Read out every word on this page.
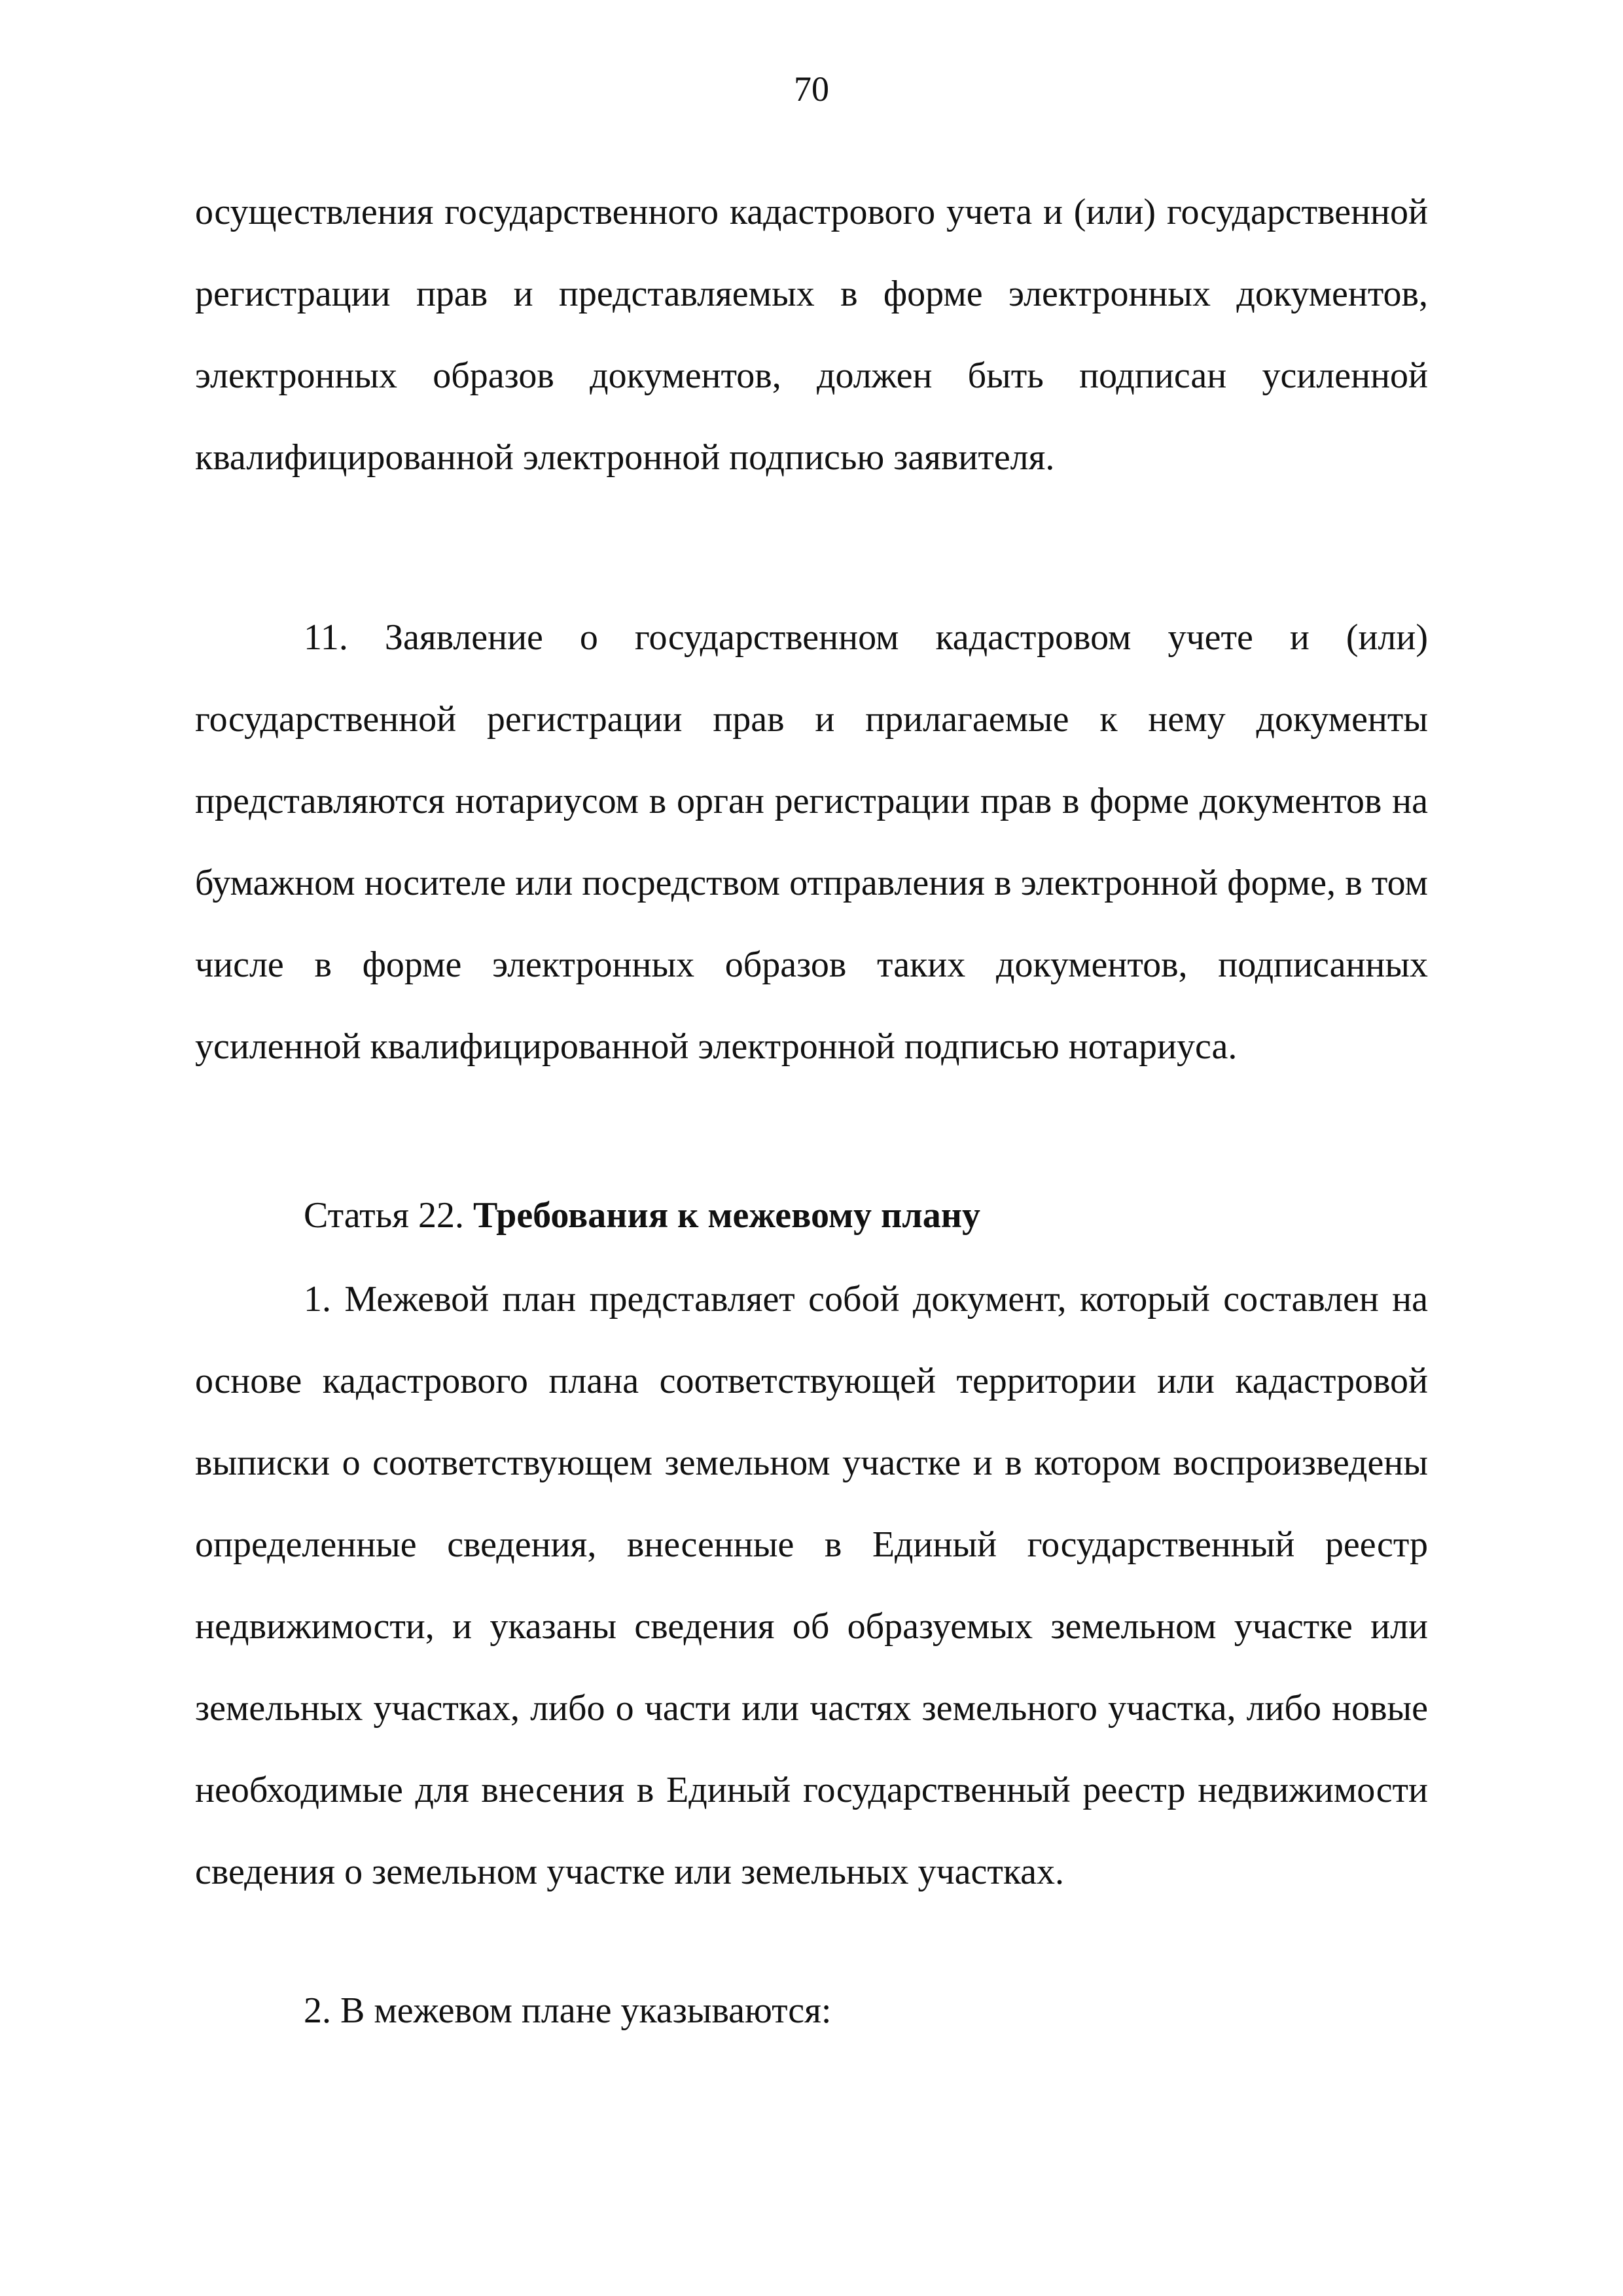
70

осуществления государственного кадастрового учета и (или) государственной регистрации прав и представляемых в форме электронных документов, электронных образов документов, должен быть подписан усиленной квалифицированной электронной подписью заявителя.

11. Заявление о государственном кадастровом учете и (или) государственной регистрации прав и прилагаемые к нему документы представляются нотариусом в орган регистрации прав в форме документов на бумажном носителе или посредством отправления в электронной форме, в том числе в форме электронных образов таких документов, подписанных усиленной квалифицированной электронной подписью нотариуса.

Статья 22. Требования к межевому плану

1. Межевой план представляет собой документ, который составлен на основе кадастрового плана соответствующей территории или кадастровой выписки о соответствующем земельном участке и в котором воспроизведены определенные сведения, внесенные в Единый государственный реестр недвижимости, и указаны сведения об образуемых земельном участке или земельных участках, либо о части или частях земельного участка, либо новые необходимые для внесения в Единый государственный реестр недвижимости сведения о земельном участке или земельных участках.

2. В межевом плане указываются:
